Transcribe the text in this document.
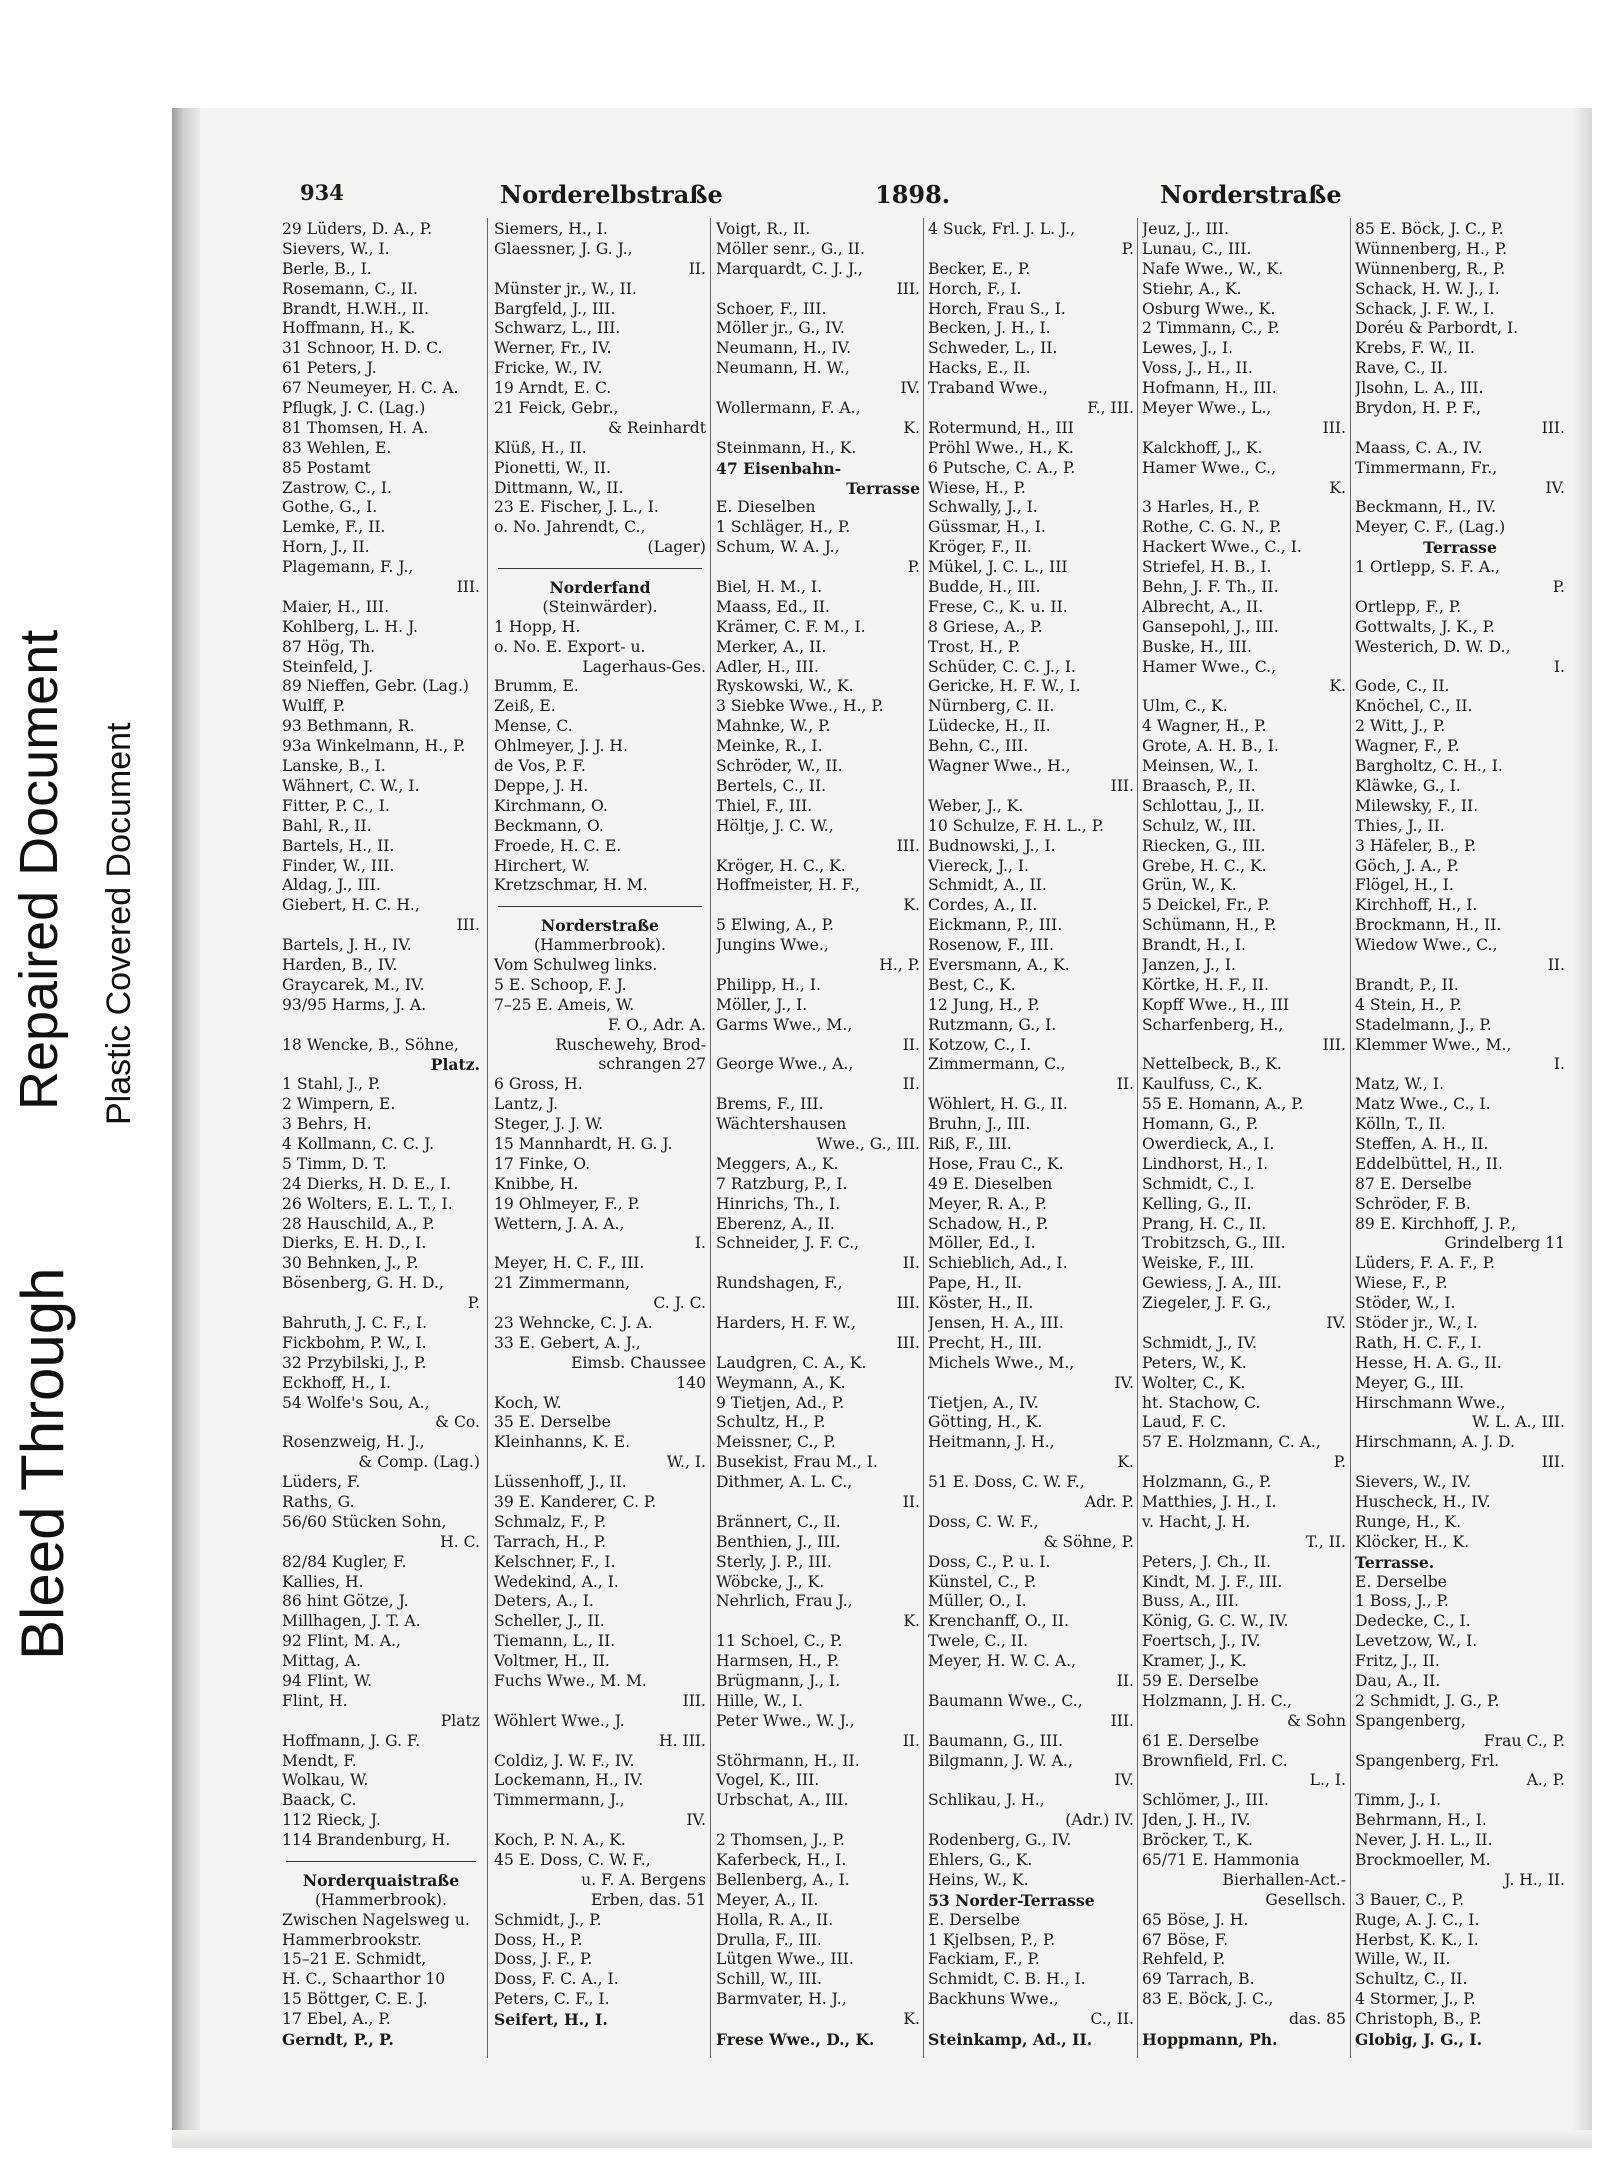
Bleed Through
Repaired Document Plastic Covered Document
934	Norderelbstraße	1898.	Norderstraße
29 Lüders, D. A., P.
Sievers, W., I.
Berle, B., I.
Rosemann, C., II.
Brandt, H.W.H., II.
Hoffmann, H., K.
31 Schnoor, H. D. C.
61 Peters, J.
67 Neumeyer, H. C. A.
Pflugk, J. C. (Lag.)
81 Thomsen, H. A.
83 Wehlen, E.
85 Postamt
Zastrow, C., I.
Gothe, G., I.
Lemke, F., II.
Horn, J., II.
Plagemann, F. J.,
III.
Maier, H., III.
Kohlberg, L. H. J.
87 Hög, Th.
Steinfeld, J.
89 Nieffen, Gebr. (Lag.)
Wulff, P.
93 Bethmann, R.
93a Winkelmann, H., P.
Lanske, B., I.
Wähnert, C. W., I.
Fitter, P. C., I.
Bahl, R., II.
Bartels, H., II.
Finder, W., III.
Aldag, J., III.
Giebert, H. C. H.,
III.
Bartels, J. H., IV.
Harden, B., IV.
Graycarek, M., IV.
93/95 Harms, J. A.
18 Wencke, B., Söhne,
Platz.
1 Stahl, J., P.
2 Wimpern, E.
3 Behrs, H.
4 Kollmann, C. C. J.
5 Timm, D. T.
24 Dierks, H. D. E., I.
26 Wolters, E. L. T., I.
28 Hauschild, A., P.
Dierks, E. H. D., I.
30 Behnken, J., P.
Bösenberg, G. H. D.,
P.
Bahruth, J. C. F., I.
Fickbohm, P. W., I.
32 Przybilski, J., P.
Eckhoff, H., I.
54 Wolfe's Sou, A.,
& Co.
Rosenzweig, H. J.,
& Comp. (Lag.)
Lüders, F.
Raths, G.
56/60 Stücken Sohn,
H. C.
82/84 Kugler, F.
Kallies, H.
86 hint Götze, J.
Millhagen, J. T. A.
92 Flint, M. A.,
Mittag, A.
94 Flint, W.
Flint, H.
Platz
Hoffmann, J. G. F.
Mendt, F.
Wolkau, W.
Baack, C.
112 Rieck, J.
114 Brandenburg, H.
Norderquaistraße
(Hammerbrook).
Zwischen Nagelsweg u.
Hammerbrookstr.
15–21 E. Schmidt,
H. C., Schaarthor 10
15 Böttger, C. E. J.
17 Ebel, A., P.
Gerndt, P., P.
Siemers, H., I.
Glaessner, J. G. J.,
II.
Münster jr., W., II.
Bargfeld, J., III.
Schwarz, L., III.
Werner, Fr., IV.
Fricke, W., IV.
19 Arndt, E. C.
21 Feick, Gebr.,
& Reinhardt
Klüß, H., II.
Pionetti, W., II.
Dittmann, W., II.
23 E. Fischer, J. L., I.
o. No. Jahrendt, C.,
(Lager)
Norderfand
(Steinwärder).
1 Hopp, H.
o. No. E. Export- u.
Lagerhaus-Ges.
Brumm, E.
Zeiß, E.
Mense, C.
Ohlmeyer, J. J. H.
de Vos, P. F.
Deppe, J. H.
Kirchmann, O.
Beckmann, O.
Froede, H. C. E.
Hirchert, W.
Kretzschmar, H. M.
Norderstraße
(Hammerbrook).
Vom Schulweg links.
5 E. Schoop, F. J.
7–25 E. Ameis, W.
F. O., Adr. A.
Ruschewehy, Brod-
schrangen 27
6 Gross, H.
Lantz, J.
Steger, J. J. W.
15 Mannhardt, H. G. J.
17 Finke, O.
Knibbe, H.
19 Ohlmeyer, F., P.
Wettern, J. A. A.,
I.
Meyer, H. C. F., III.
21 Zimmermann,
C. J. C.
23 Wehncke, C. J. A.
33 E. Gebert, A. J.,
Eimsb. Chaussee
140
Koch, W.
35 E. Derselbe
Kleinhanns, K. E.
W., I.
Lüssenhoff, J., II.
39 E. Kanderer, C. P.
Schmalz, F., P.
Tarrach, H., P.
Kelschner, F., I.
Wedekind, A., I.
Deters, A., I.
Scheller, J., II.
Tiemann, L., II.
Voltmer, H., II.
Fuchs Wwe., M. M.
III.
Wöhlert Wwe., J.
H. III.
Coldiz, J. W. F., IV.
Lockemann, H., IV.
Timmermann, J.,
IV.
Koch, P. N. A., K.
45 E. Doss, C. W. F.,
u. F. A. Bergens
Erben, das. 51
Schmidt, J., P.
Doss, H., P.
Doss, J. F., P.
Doss, F. C. A., I.
Peters, C. F., I.
Seifert, H., I.
Voigt, R., II.
Möller senr., G., II.
Marquardt, C. J. J.,
III.
Schoer, F., III.
Möller jr., G., IV.
Neumann, H., IV.
Neumann, H. W.,
IV.
Wollermann, F. A.,
K.
Steinmann, H., K.
47 Eisenbahn-
Terrasse
E. Dieselben
1 Schläger, H., P.
Schum, W. A. J.,
P.
Biel, H. M., I.
Maass, Ed., II.
Krämer, C. F. M., I.
Merker, A., II.
Adler, H., III.
Ryskowski, W., K.
3 Siebke Wwe., H., P.
Mahnke, W., P.
Meinke, R., I.
Schröder, W., II.
Bertels, C., II.
Thiel, F., III.
Höltje, J. C. W.,
III.
Kröger, H. C., K.
Hoffmeister, H. F.,
K.
5 Elwing, A., P.
Jungins Wwe.,
H., P.
Philipp, H., I.
Möller, J., I.
Garms Wwe., M.,
II.
George Wwe., A.,
II.
Brems, F., III.
Wächtershausen
Wwe., G., III.
Meggers, A., K.
7 Ratzburg, P., I.
Hinrichs, Th., I.
Eberenz, A., II.
Schneider, J. F. C.,
II.
Rundshagen, F.,
III.
Harders, H. F. W.,
III.
Laudgren, C. A., K.
Weymann, A., K.
9 Tietjen, Ad., P.
Schultz, H., P.
Meissner, C., P.
Busekist, Frau M., I.
Dithmer, A. L. C.,
II.
Brännert, C., II.
Benthien, J., III.
Sterly, J. P., III.
Wöbcke, J., K.
Nehrlich, Frau J.,
K.
11 Schoel, C., P.
Harmsen, H., P.
Brügmann, J., I.
Hille, W., I.
Peter Wwe., W. J.,
II.
Stöhrmann, H., II.
Vogel, K., III.
Urbschat, A., III.
2 Thomsen, J., P.
Kaferbeck, H., I.
Bellenberg, A., I.
Meyer, A., II.
Holla, R. A., II.
Drulla, F., III.
Lütgen Wwe., III.
Schill, W., III.
Barmvater, H. J.,
K.
Frese Wwe., D., K.
4 Suck, Frl. J. L. J.,
P.
Becker, E., P.
Horch, F., I.
Horch, Frau S., I.
Becken, J. H., I.
Schweder, L., II.
Hacks, E., II.
Traband Wwe.,
F., III.
Rotermund, H., III
Pröhl Wwe., H., K.
6 Putsche, C. A., P.
Wiese, H., P.
Schwally, J., I.
Güssmar, H., I.
Kröger, F., II.
Mükel, J. C. L., III
Budde, H., III.
Frese, C., K. u. II.
8 Griese, A., P.
Trost, H., P.
Schüder, C. C. J., I.
Gericke, H. F. W., I.
Nürnberg, C. II.
Lüdecke, H., II.
Behn, C., III.
Wagner Wwe., H.,
III.
Weber, J., K.
10 Schulze, F. H. L., P.
Budnowski, J., I.
Viereck, J., I.
Schmidt, A., II.
Cordes, A., II.
Eickmann, P., III.
Rosenow, F., III.
Eversmann, A., K.
Best, C., K.
12 Jung, H., P.
Rutzmann, G., I.
Kotzow, C., I.
Zimmermann, C.,
II.
Wöhlert, H. G., II.
Bruhn, J., III.
Riß, F., III.
Hose, Frau C., K.
49 E. Dieselben
Meyer, R. A., P.
Schadow, H., P.
Möller, Ed., I.
Schieblich, Ad., I.
Pape, H., II.
Köster, H., II.
Jensen, H. A., III.
Precht, H., III.
Michels Wwe., M.,
IV.
Tietjen, A., IV.
Götting, H., K.
Heitmann, J. H.,
K.
51 E. Doss, C. W. F.,
Adr. P.
Doss, C. W. F.,
& Söhne, P.
Doss, C., P. u. I.
Künstel, C., P.
Müller, O., I.
Krenchanff, O., II.
Twele, C., II.
Meyer, H. W. C. A.,
II.
Baumann Wwe., C.,
III.
Baumann, G., III.
Bilgmann, J. W. A.,
IV.
Schlikau, J. H.,
(Adr.) IV.
Rodenberg, G., IV.
Ehlers, G., K.
Heins, W., K.
53 Norder-Terrasse
E. Derselbe
1 Kjelbsen, P., P.
Fackiam, F., P.
Schmidt, C. B. H., I.
Backhuns Wwe.,
C., II.
Steinkamp, Ad., II.
Jeuz, J., III.
Lunau, C., III.
Nafe Wwe., W., K.
Stiehr, A., K.
Osburg Wwe., K.
2 Timmann, C., P.
Lewes, J., I.
Voss, J., H., II.
Hofmann, H., III.
Meyer Wwe., L.,
III.
Kalckhoff, J., K.
Hamer Wwe., C.,
K.
3 Harles, H., P.
Rothe, C. G. N., P.
Hackert Wwe., C., I.
Striefel, H. B., I.
Behn, J. F. Th., II.
Albrecht, A., II.
Gansepohl, J., III.
Buske, H., III.
Hamer Wwe., C.,
K.
Ulm, C., K.
4 Wagner, H., P.
Grote, A. H. B., I.
Meinsen, W., I.
Braasch, P., II.
Schlottau, J., II.
Schulz, W., III.
Riecken, G., III.
Grebe, H. C., K.
Grün, W., K.
5 Deickel, Fr., P.
Schümann, H., P.
Brandt, H., I.
Janzen, J., I.
Körtke, H. F., II.
Kopff Wwe., H., III
Scharfenberg, H.,
III.
Nettelbeck, B., K.
Kaulfuss, C., K.
55 E. Homann, A., P.
Homann, G., P.
Owerdieck, A., I.
Lindhorst, H., I.
Schmidt, C., I.
Kelling, G., II.
Prang, H. C., II.
Trobitzsch, G., III.
Weiske, F., III.
Gewiess, J. A., III.
Ziegeler, J. F. G.,
IV.
Schmidt, J., IV.
Peters, W., K.
Wolter, C., K.
ht. Stachow, C.
Laud, F. C.
57 E. Holzmann, C. A.,
P.
Holzmann, G., P.
Matthies, J. H., I.
v. Hacht, J. H.
T., II.
Peters, J. Ch., II.
Kindt, M. J. F., III.
Buss, A., III.
König, G. C. W., IV.
Foertsch, J., IV.
Kramer, J., K.
59 E. Derselbe
Holzmann, J. H. C.,
& Sohn
61 E. Derselbe
Brownfield, Frl. C.
L., I.
Schlömer, J., III.
Jden, J. H., IV.
Bröcker, T., K.
65/71 E. Hammonia
Bierhallen-Act.-
Gesellsch.
65 Böse, J. H.
67 Böse, F.
Rehfeld, P.
69 Tarrach, B.
83 E. Böck, J. C.,
das. 85
Hoppmann, Ph.
85 E. Böck, J. C., P.
Wünnenberg, H., P.
Wünnenberg, R., P.
Schack, H. W. J., I.
Schack, J. F. W., I.
Doréu & Parbordt, I.
Krebs, F. W., II.
Rave, C., II.
Jlsohn, L. A., III.
Brydon, H. P. F.,
III.
Maass, C. A., IV.
Timmermann, Fr.,
IV.
Beckmann, H., IV.
Meyer, C. F., (Lag.)
Terrasse
1 Ortlepp, S. F. A.,
P.
Ortlepp, F., P.
Gottwalts, J. K., P.
Westerich, D. W. D.,
I.
Gode, C., II.
Knöchel, C., II.
2 Witt, J., P.
Wagner, F., P.
Bargholtz, C. H., I.
Kläwke, G., I.
Milewsky, F., II.
Thies, J., II.
3 Häfeler, B., P.
Göch, J. A., P.
Flögel, H., I.
Kirchhoff, H., I.
Brockmann, H., II.
Wiedow Wwe., C.,
II.
Brandt, P., II.
4 Stein, H., P.
Stadelmann, J., P.
Klemmer Wwe., M.,
I.
Matz, W., I.
Matz Wwe., C., I.
Kölln, T., II.
Steffen, A. H., II.
Eddelbüttel, H., II.
87 E. Derselbe
Schröder, F. B.
89 E. Kirchhoff, J. P.,
Grindelberg 11
Lüders, F. A. F., P.
Wiese, F., P.
Stöder, W., I.
Stöder jr., W., I.
Rath, H. C. F., I.
Hesse, H. A. G., II.
Meyer, G., III.
Hirschmann Wwe.,
W. L. A., III.
Hirschmann, A. J. D.
III.
Sievers, W., IV.
Huscheck, H., IV.
Runge, H., K.
Klöcker, H., K.
Terrasse.
E. Derselbe
1 Boss, J., P.
Dedecke, C., I.
Levetzow, W., I.
Fritz, J., II.
Dau, A., II.
2 Schmidt, J. G., P.
Spangenberg,
Frau C., P.
Spangenberg, Frl.
A., P.
Timm, J., I.
Behrmann, H., I.
Never, J. H. L., II.
Brockmoeller, M.
J. H., II.
3 Bauer, C., P.
Ruge, A. J. C., I.
Herbst, K. K., I.
Wille, W., II.
Schultz, C., II.
4 Stormer, J., P.
Christoph, B., P.
Globig, J. G., I.
